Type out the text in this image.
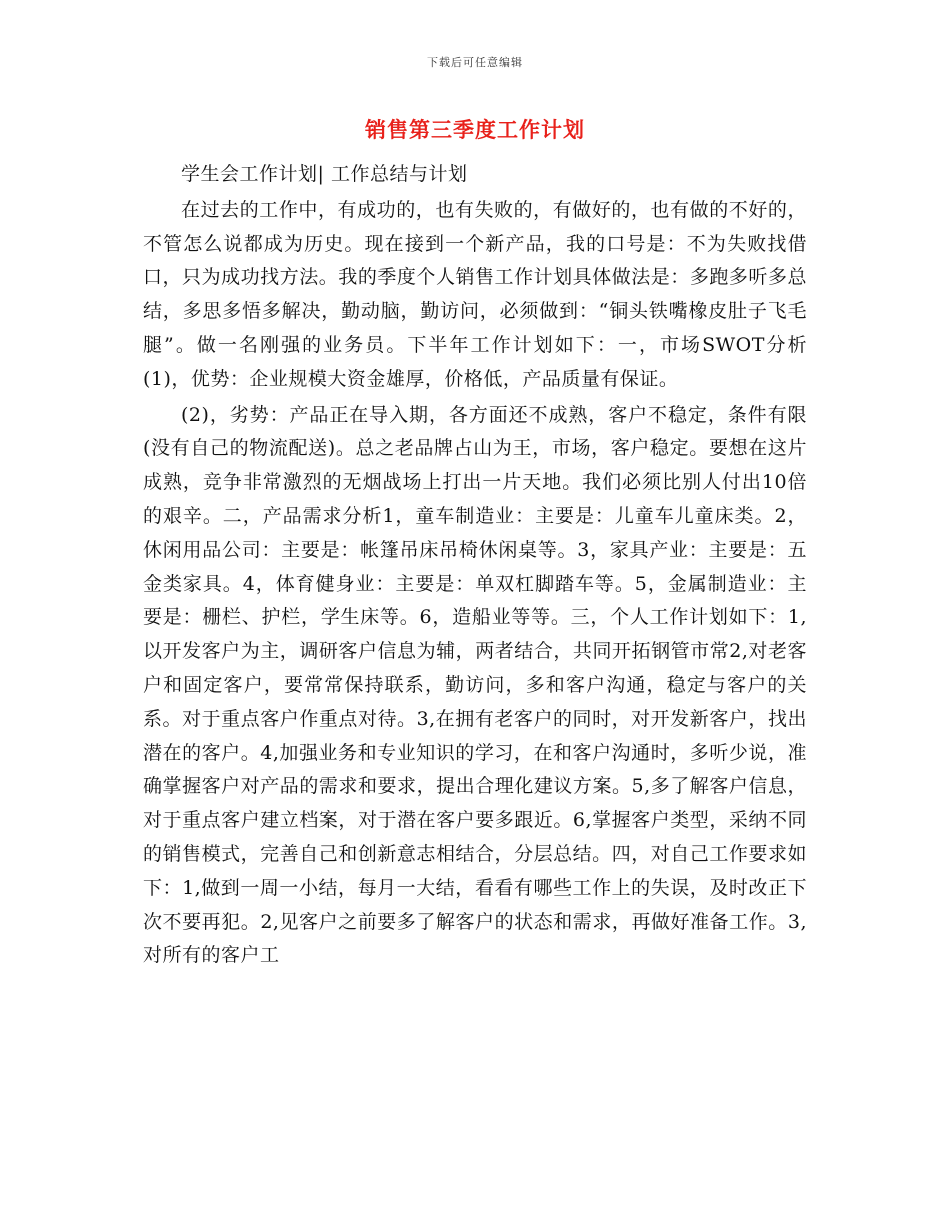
下载后可任意编辑
销售第三季度工作计划

学生会工作计划| 工作总结与计划

在过去的工作中，有成功的，也有失败的，有做好的，也有做的不好的，不管怎么说都成为历史。现在接到一个新产品，我的口号是：不为失败找借口，只为成功找方法。我的季度个人销售工作计划具体做法是：多跑多听多总结，多思多悟多解决，勤动脑，勤访问，必须做到：“铜头铁嘴橡皮肚子飞毛腿”。做一名刚强的业务员。下半年工作计划如下：一，市场SWOT分析(1)，优势：企业规模大资金雄厚，价格低，产品质量有保证。

(2)，劣势：产品正在导入期，各方面还不成熟，客户不稳定，条件有限(没有自己的物流配送)。总之老品牌占山为王，市场，客户稳定。要想在这片成熟，竞争非常激烈的无烟战场上打出一片天地。我们必须比别人付出10倍的艰辛。二，产品需求分析1，童车制造业：主要是：儿童车儿童床类。2，休闲用品公司：主要是：帐篷吊床吊椅休闲桌等。3，家具产业：主要是：五金类家具。4，体育健身业：主要是：单双杠脚踏车等。5，金属制造业：主要是：栅栏、护栏，学生床等。6，造船业等等。三，个人工作计划如下：1,以开发客户为主，调研客户信息为辅，两者结合，共同开拓钢管市常2,对老客户和固定客户，要常常保持联系，勤访问，多和客户沟通，稳定与客户的关系。对于重点客户作重点对待。3,在拥有老客户的同时，对开发新客户，找出潜在的客户。4,加强业务和专业知识的学习，在和客户沟通时，多听少说，准确掌握客户对产品的需求和要求，提出合理化建议方案。5,多了解客户信息，对于重点客户建立档案，对于潜在客户要多跟近。6,掌握客户类型，采纳不同的销售模式，完善自己和创新意志相结合，分层总结。四，对自己工作要求如下：1,做到一周一小结，每月一大结，看看有哪些工作上的失误，及时改正下次不要再犯。2,见客户之前要多了解客户的状态和需求，再做好准备工作。3,对所有的客户工
